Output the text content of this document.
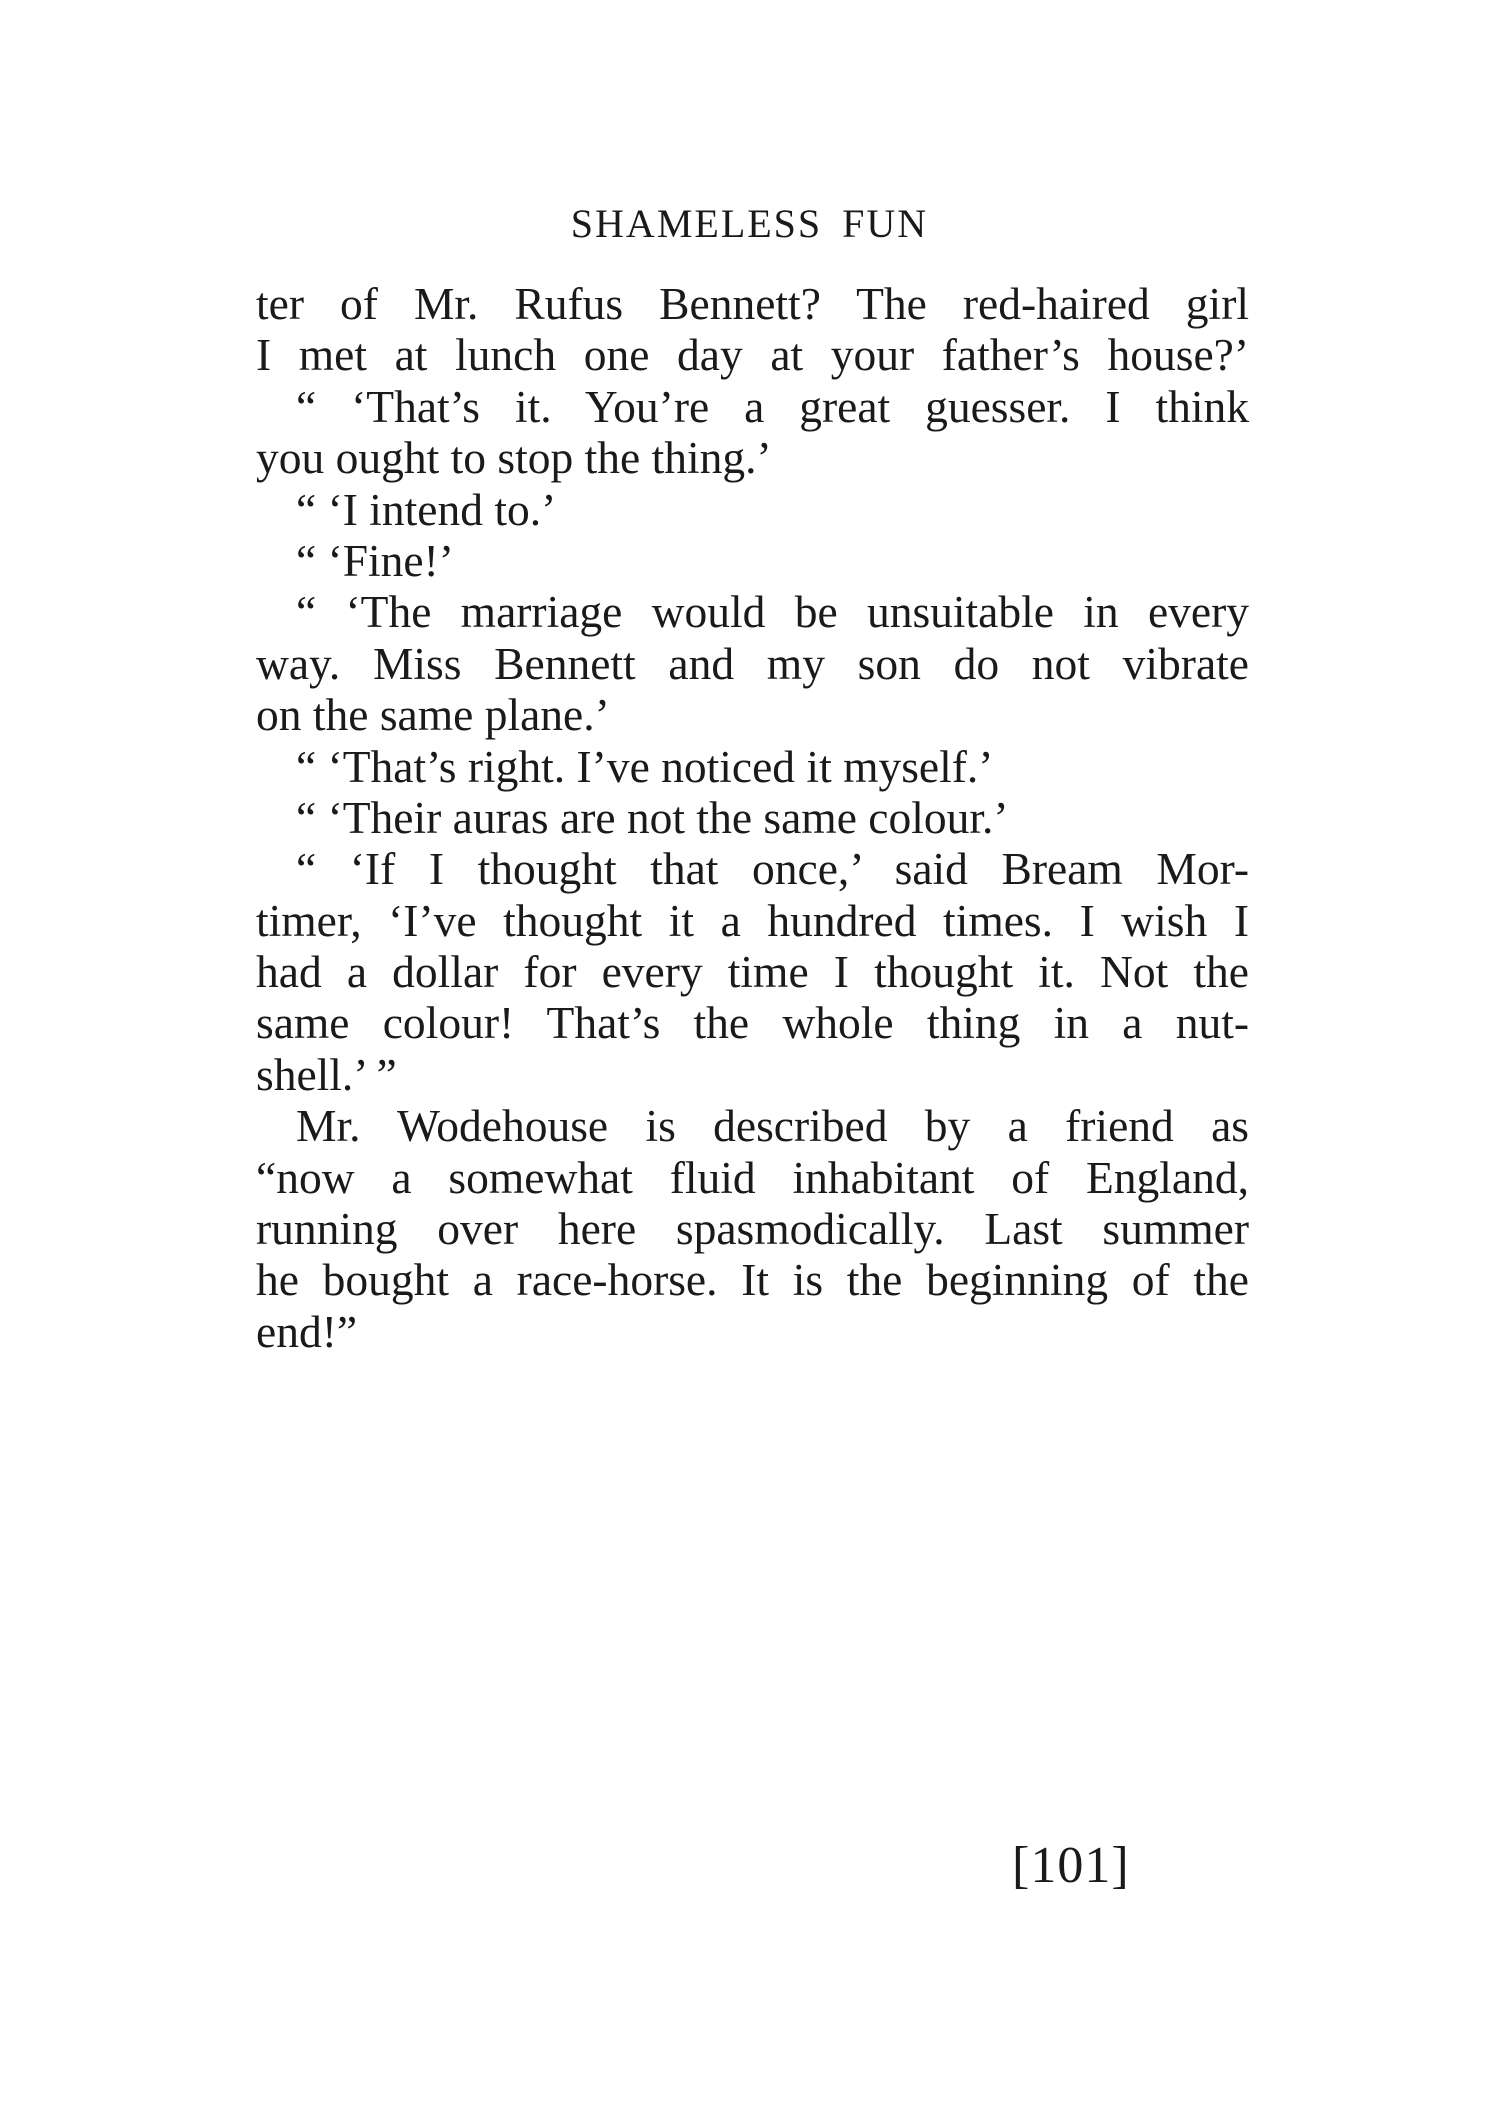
SHAMELESS FUN
ter of Mr. Rufus Bennett? The red-haired girl
I met at lunch one day at your father’s house?’
“ ‘That’s it. You’re a great guesser. I think
you ought to stop the thing.’
“ ‘I intend to.’
“ ‘Fine!’
“ ‘The marriage would be unsuitable in every
way. Miss Bennett and my son do not vibrate
on the same plane.’
“ ‘That’s right. I’ve noticed it myself.’
“ ‘Their auras are not the same colour.’
“ ‘If I thought that once,’ said Bream Mor-
timer, ‘I’ve thought it a hundred times. I wish I
had a dollar for every time I thought it. Not the
same colour! That’s the whole thing in a nut-
shell.’ ”
Mr. Wodehouse is described by a friend as
“now a somewhat fluid inhabitant of England,
running over here spasmodically. Last summer
he bought a race-horse. It is the beginning of the
end!”
[101]
